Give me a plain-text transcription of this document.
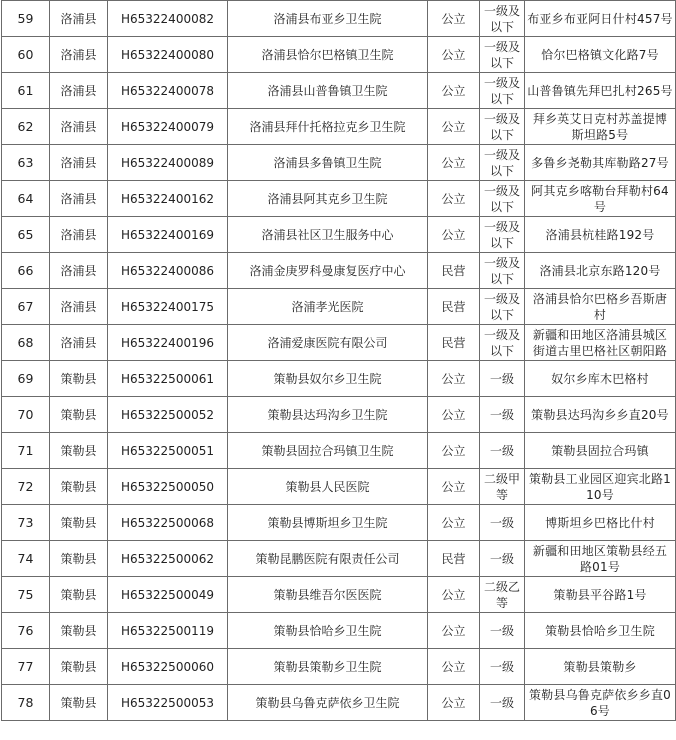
59	洛浦县	H65322400082	洛浦县布亚乡卫生院	公立	一级及以下	布亚乡布亚阿日什村457号
60	洛浦县	H65322400080	洛浦县恰尔巴格镇卫生院	公立	一级及以下	恰尔巴格镇文化路7号
61	洛浦县	H65322400078	洛浦县山普鲁镇卫生院	公立	一级及以下	山普鲁镇先拜巴扎村265号
62	洛浦县	H65322400079	洛浦县拜什托格拉克乡卫生院	公立	一级及以下	拜乡英艾日克村苏盖提博斯坦路5号
63	洛浦县	H65322400089	洛浦县多鲁镇卫生院	公立	一级及以下	多鲁乡尧勒其库勒路27号
64	洛浦县	H65322400162	洛浦县阿其克乡卫生院	公立	一级及以下	阿其克乡喀勒台拜勒村64号
65	洛浦县	H65322400169	洛浦县社区卫生服务中心	公立	一级及以下	洛浦县杭桂路192号
66	洛浦县	H65322400086	洛浦金庚罗科曼康复医疗中心	民营	一级及以下	洛浦县北京东路120号
67	洛浦县	H65322400175	洛浦孝光医院	民营	一级及以下	洛浦县恰尔巴格乡吾斯唐村
68	洛浦县	H65322400196	洛浦爱康医院有限公司	民营	一级及以下	新疆和田地区洛浦县城区街道古里巴格社区朝阳路
69	策勒县	H65322500061	策勒县奴尔乡卫生院	公立	一级	奴尔乡库木巴格村
70	策勒县	H65322500052	策勒县达玛沟乡卫生院	公立	一级	策勒县达玛沟乡乡直20号
71	策勒县	H65322500051	策勒县固拉合玛镇卫生院	公立	一级	策勒县固拉合玛镇
72	策勒县	H65322500050	策勒县人民医院	公立	二级甲等	策勒县工业园区迎宾北路110号
73	策勒县	H65322500068	策勒县博斯坦乡卫生院	公立	一级	博斯坦乡巴格比什村
74	策勒县	H65322500062	策勒昆鹏医院有限责任公司	民营	一级	新疆和田地区策勒县经五路01号
75	策勒县	H65322500049	策勒县维吾尔医医院	公立	二级乙等	策勒县平谷路1号
76	策勒县	H65322500119	策勒县恰哈乡卫生院	公立	一级	策勒县恰哈乡卫生院
77	策勒县	H65322500060	策勒县策勒乡卫生院	公立	一级	策勒县策勒乡
78	策勒县	H65322500053	策勒县乌鲁克萨依乡卫生院	公立	一级	策勒县乌鲁克萨依乡乡直06号
